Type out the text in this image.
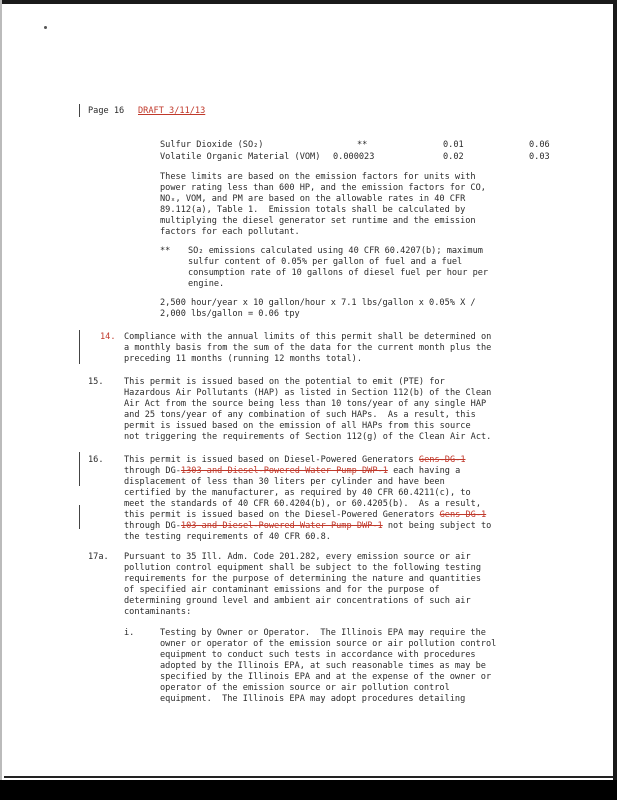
Page 16 DRAFT 3/11/13
Sulfur Dioxide (SO₂)	**	0.01	0.06
Volatile Organic Material (VOM) 0.000023	0.02	0.03
These limits are based on the emission factors for units with
power rating less than 600 HP, and the emission factors for CO,
NOₓ, VOM, and PM are based on the allowable rates in 40 CFR
89.112(a), Table 1.  Emission totals shall be calculated by
multiplying the diesel generator set runtime and the emission
factors for each pollutant.
** SO₂ emissions calculated using 40 CFR 60.4207(b); maximum
sulfur content of 0.05% per gallon of fuel and a fuel
consumption rate of 10 gallons of diesel fuel per hour per
engine.
2,500 hour/year x 10 gallon/hour x 7.1 lbs/gallon x 0.05% X /
2,000 lbs/gallon = 0.06 tpy
14. Compliance with the annual limits of this permit shall be determined on
a monthly basis from the sum of the data for the current month plus the
preceding 11 months (running 12 months total).
15. This permit is issued based on the potential to emit (PTE) for
Hazardous Air Pollutants (HAP) as listed in Section 112(b) of the Clean
Air Act from the source being less than 10 tons/year of any single HAP
and 25 tons/year of any combination of such HAPs.  As a result, this
permit is issued based on the emission of all HAPs from this source
not triggering the requirements of Section 112(g) of the Clean Air Act.
16. This permit is issued based on Diesel-Powered Generators Gens-DG-1
through DG-1303 and Diesel-Powered Water Pump DWP-1 each having a
displacement of less than 30 liters per cylinder and have been
certified by the manufacturer, as required by 40 CFR 60.4211(c), to
meet the standards of 40 CFR 60.4204(b), or 60.4205(b).  As a result,
this permit is issued based on the Diesel-Powered Generators Gens DG-1
through DG-103 and Diesel-Powered Water Pump DWP-1 not being subject to
the testing requirements of 40 CFR 60.8.
17a. Pursuant to 35 Ill. Adm. Code 201.282, every emission source or air
pollution control equipment shall be subject to the following testing
requirements for the purpose of determining the nature and quantities
of specified air contaminant emissions and for the purpose of
determining ground level and ambient air concentrations of such air
contaminants:
i.	Testing by Owner or Operator.  The Illinois EPA may require the
owner or operator of the emission source or air pollution control
equipment to conduct such tests in accordance with procedures
adopted by the Illinois EPA, at such reasonable times as may be
specified by the Illinois EPA and at the expense of the owner or
operator of the emission source or air pollution control
equipment.  The Illinois EPA may adopt procedures detailing
